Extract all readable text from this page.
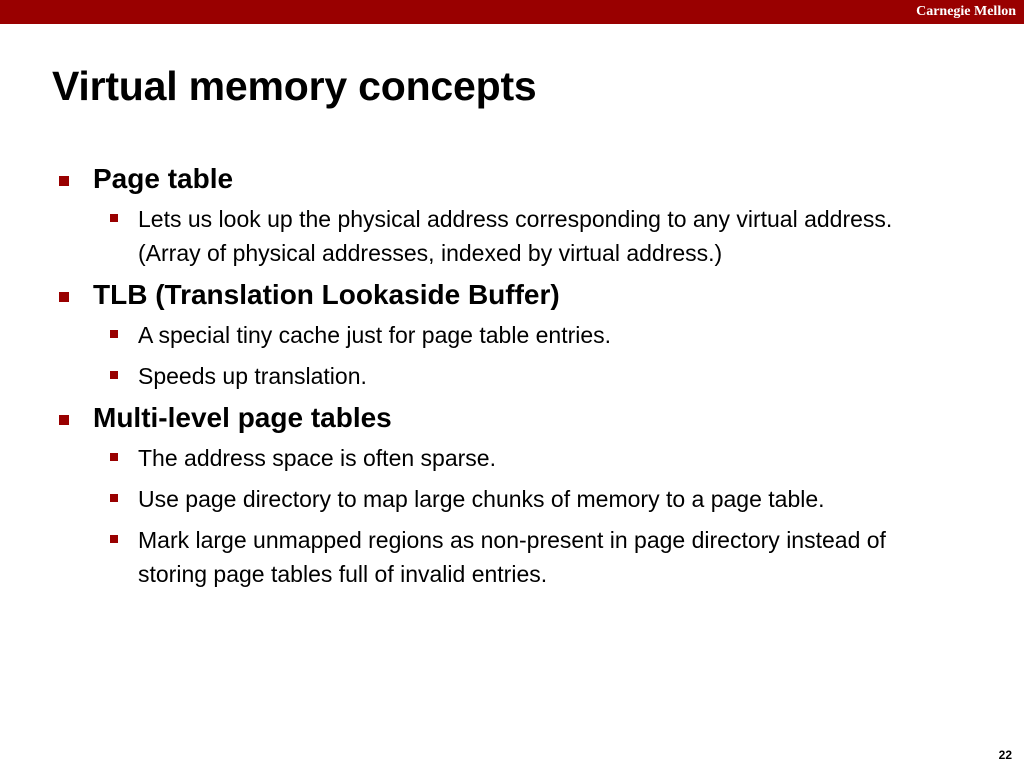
Carnegie Mellon
Virtual memory concepts
Page table
Lets us look up the physical address corresponding to any virtual address. (Array of physical addresses, indexed by virtual address.)
TLB (Translation Lookaside Buffer)
A special tiny cache just for page table entries.
Speeds up translation.
Multi-level page tables
The address space is often sparse.
Use page directory to map large chunks of memory to a page table.
Mark large unmapped regions as non-present in page directory instead of storing page tables full of invalid entries.
22
